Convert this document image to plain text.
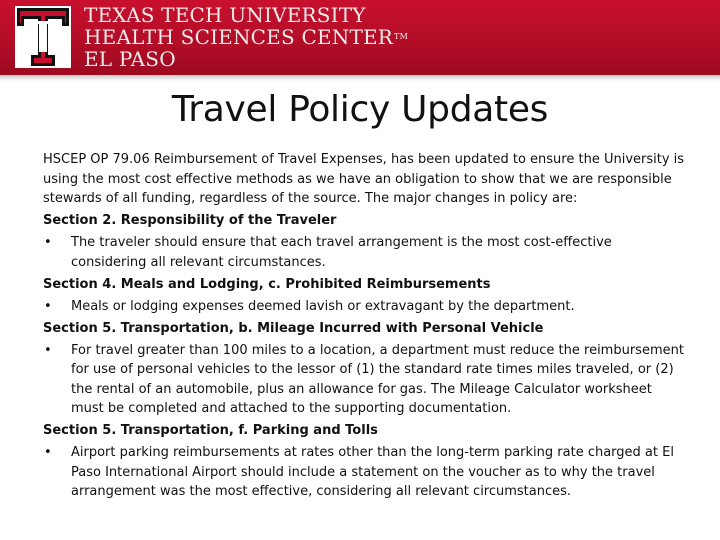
TEXAS TECH UNIVERSITY
HEALTH SCIENCES CENTER™
EL PASO
Travel Policy Updates

HSCEP OP 79.06 Reimbursement of Travel Expenses, has been updated to ensure the University is using the most cost effective methods as we have an obligation to show that we are responsible stewards of all funding, regardless of the source. The major changes in policy are:

Section 2. Responsibility of the Traveler

•	The traveler should ensure that each travel arrangement is the most cost-effective considering all relevant circumstances.

Section 4. Meals and Lodging, c. Prohibited Reimbursements

•	Meals or lodging expenses deemed lavish or extravagant by the department.

Section 5. Transportation, b. Mileage Incurred with Personal Vehicle

•	For travel greater than 100 miles to a location, a department must reduce the reimbursement for use of personal vehicles to the lessor of (1) the standard rate times miles traveled, or (2) the rental of an automobile, plus an allowance for gas. The Mileage Calculator worksheet must be completed and attached to the supporting documentation.

Section 5. Transportation, f. Parking and Tolls

•	Airport parking reimbursements at rates other than the long-term parking rate charged at El Paso International Airport should include a statement on the voucher as to why the travel arrangement was the most effective, considering all relevant circumstances.
